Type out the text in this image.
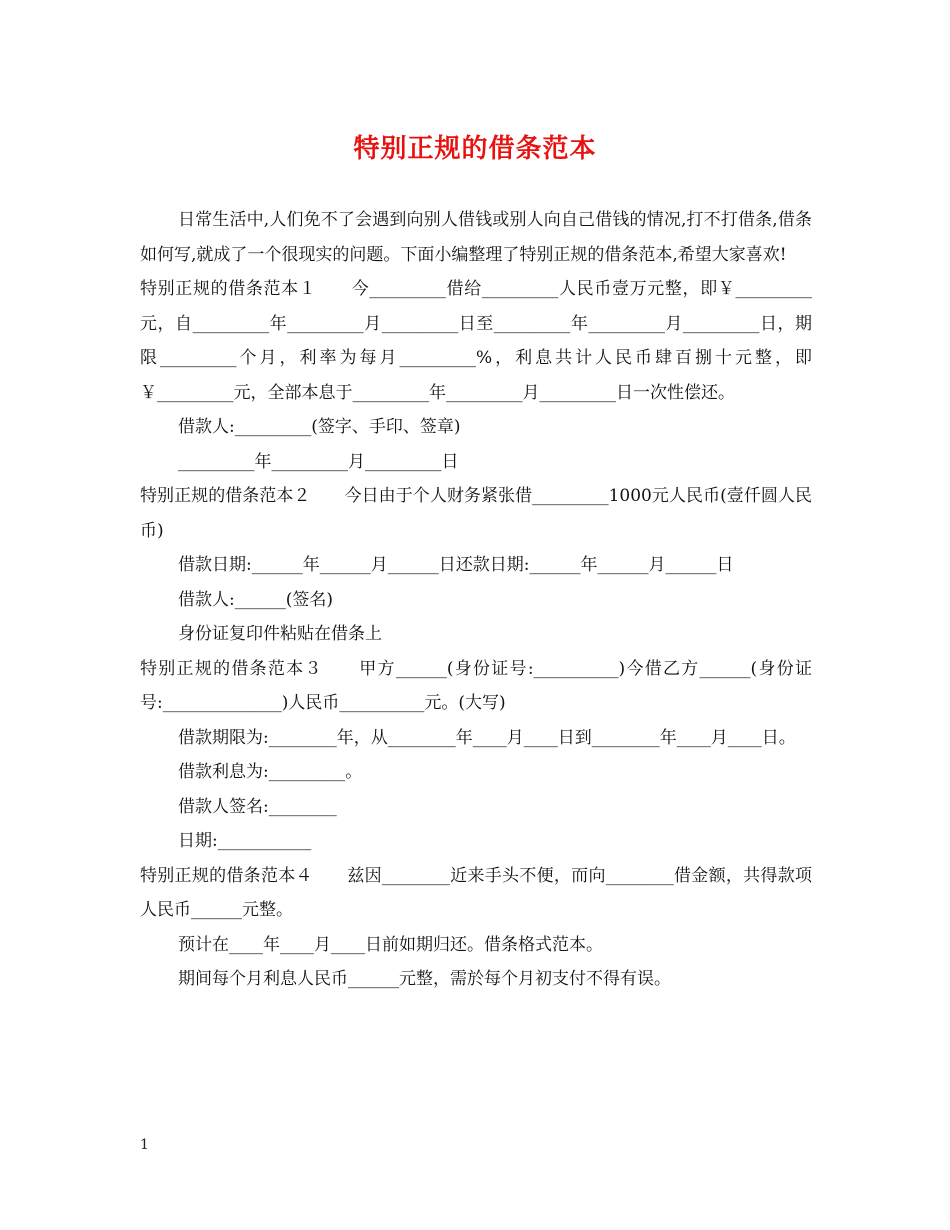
特别正规的借条范本

日常生活中,人们免不了会遇到向别人借钱或别人向自己借钱的情况,打不打借条,借条如何写,就成了一个很现实的问题。下面小编整理了特别正规的借条范本,希望大家喜欢!

特别正规的借条范本１　　今_________借给_________人民币壹万元整，即￥_________元，自_________年_________月_________日至_________年_________月_________日，期限_________个月，利率为每月_________%，利息共计人民币肆百捌十元整，即￥_________元，全部本息于_________年_________月_________日一次性偿还。

借款人:_________(签字、手印、签章)
_________年_________月_________日

特别正规的借条范本２　　今日由于个人财务紧张借_________1000元人民币(壹仟圆人民币)

借款日期:______年______月______日还款日期:______年______月______日
借款人:______(签名)
身份证复印件粘贴在借条上

特别正规的借条范本３　　甲方______(身份证号:__________)今借乙方______(身份证号:______________)人民币__________元。(大写)

借款期限为:________年，从________年____月____日到________年____月____日。

借款利息为:_________。
借款人签名:________
日期:___________

特别正规的借条范本４　　兹因________近来手头不便，而向________借金额，共得款项人民币______元整。

预计在____年____月____日前如期归还。借条格式范本。
期间每个月利息人民币______元整，需於每个月初支付不得有误。
1
